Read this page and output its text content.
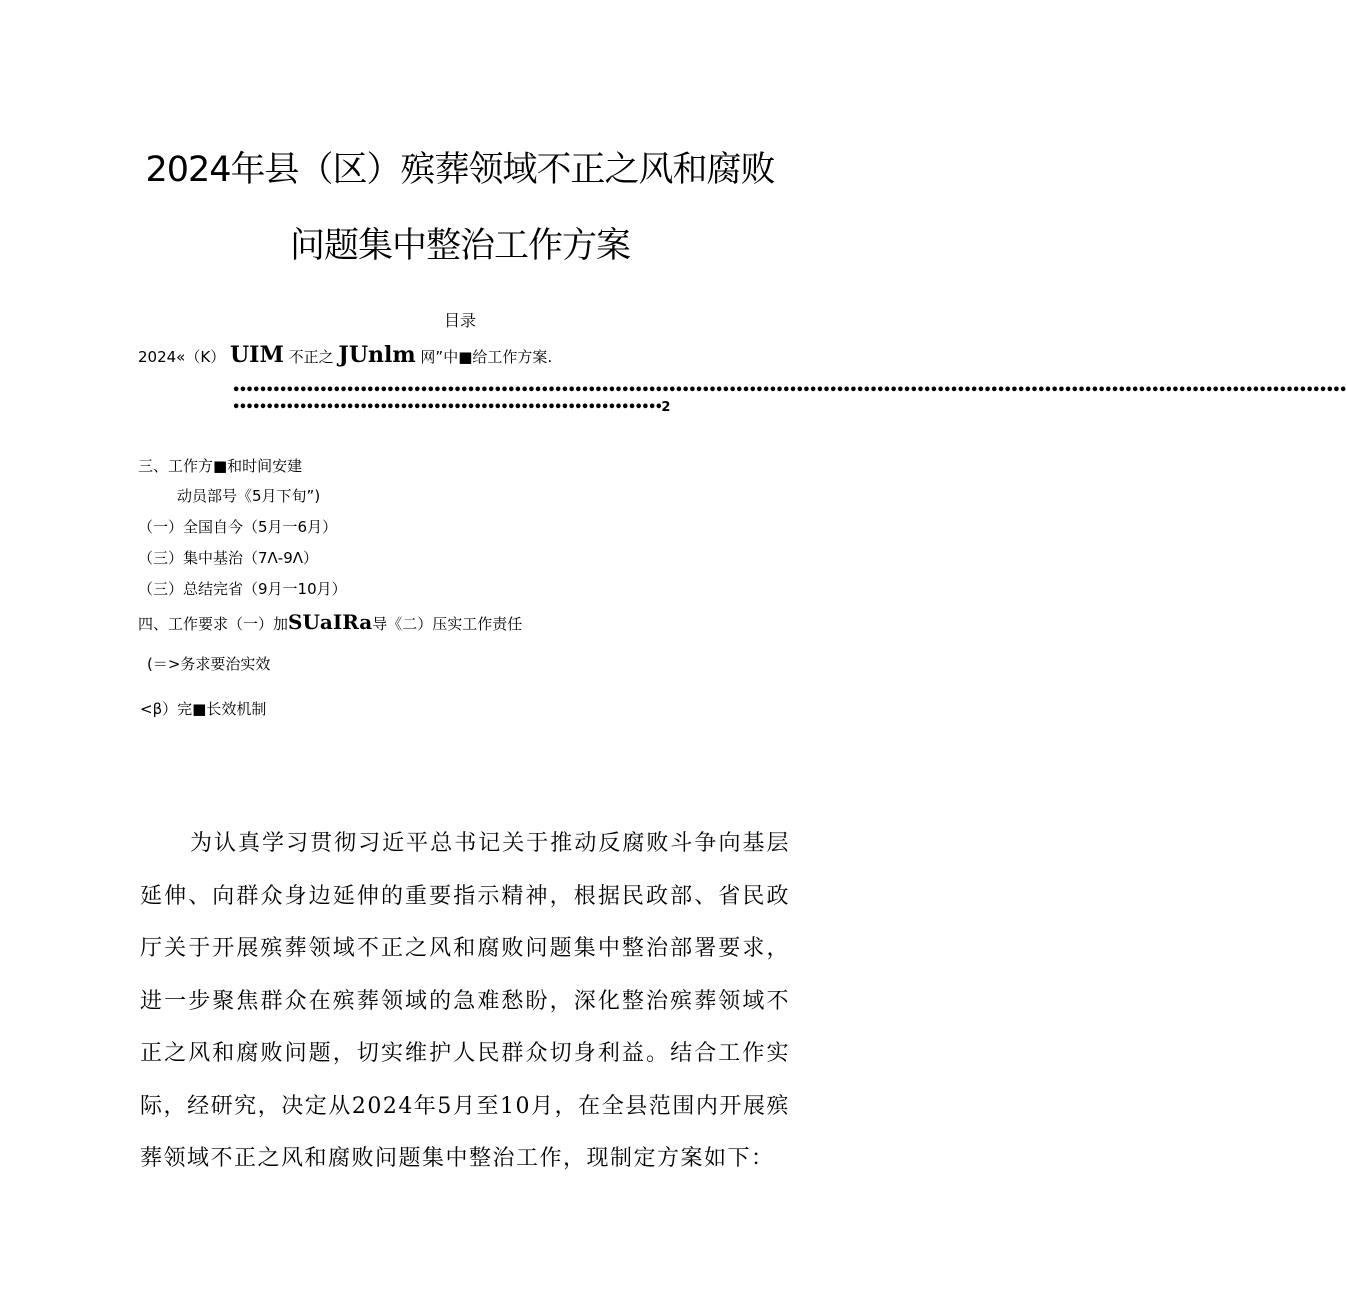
2024年县（区）殡葬领域不正之风和腐败
问题集中整治工作方案
目录
2024«（K） UIM 不正之 JUnlm 网”中■给工作方案.
••••••••••••••••••••••••••••••••••••••••••••••••••••••••••••••••••••••••••••••••••••••••••••••••••••••••••••••••••••••••••••••••••••••••••••••••••••••••••••••••••••••
••••••••••••••••••••••••••••••••••••••••••••••••••••••••••••••••2
三、工作方■和时间安建
动员部号《5月下旬”)
（一）全国自今（5月一6月）
（三）集中基治（7Λ-9Λ）
（三）总结完省（9月一10月）
四、工作要求（一）加SUaIRa导《二）压实工作责任
(＝>务求要治实效
<β）完■长效机制
为认真学习贯彻习近平总书记关于推动反腐败斗争向基层延伸、向群众身边延伸的重要指示精神，根据民政部、省民政厅关于开展殡葬领域不正之风和腐败问题集中整治部署要求，进一步聚焦群众在殡葬领域的急难愁盼，深化整治殡葬领域不正之风和腐败问题，切实维护人民群众切身利益。结合工作实际，经研究，决定从2024年5月至10月，在全县范围内开展殡葬领域不正之风和腐败问题集中整治工作，现制定方案如下：
